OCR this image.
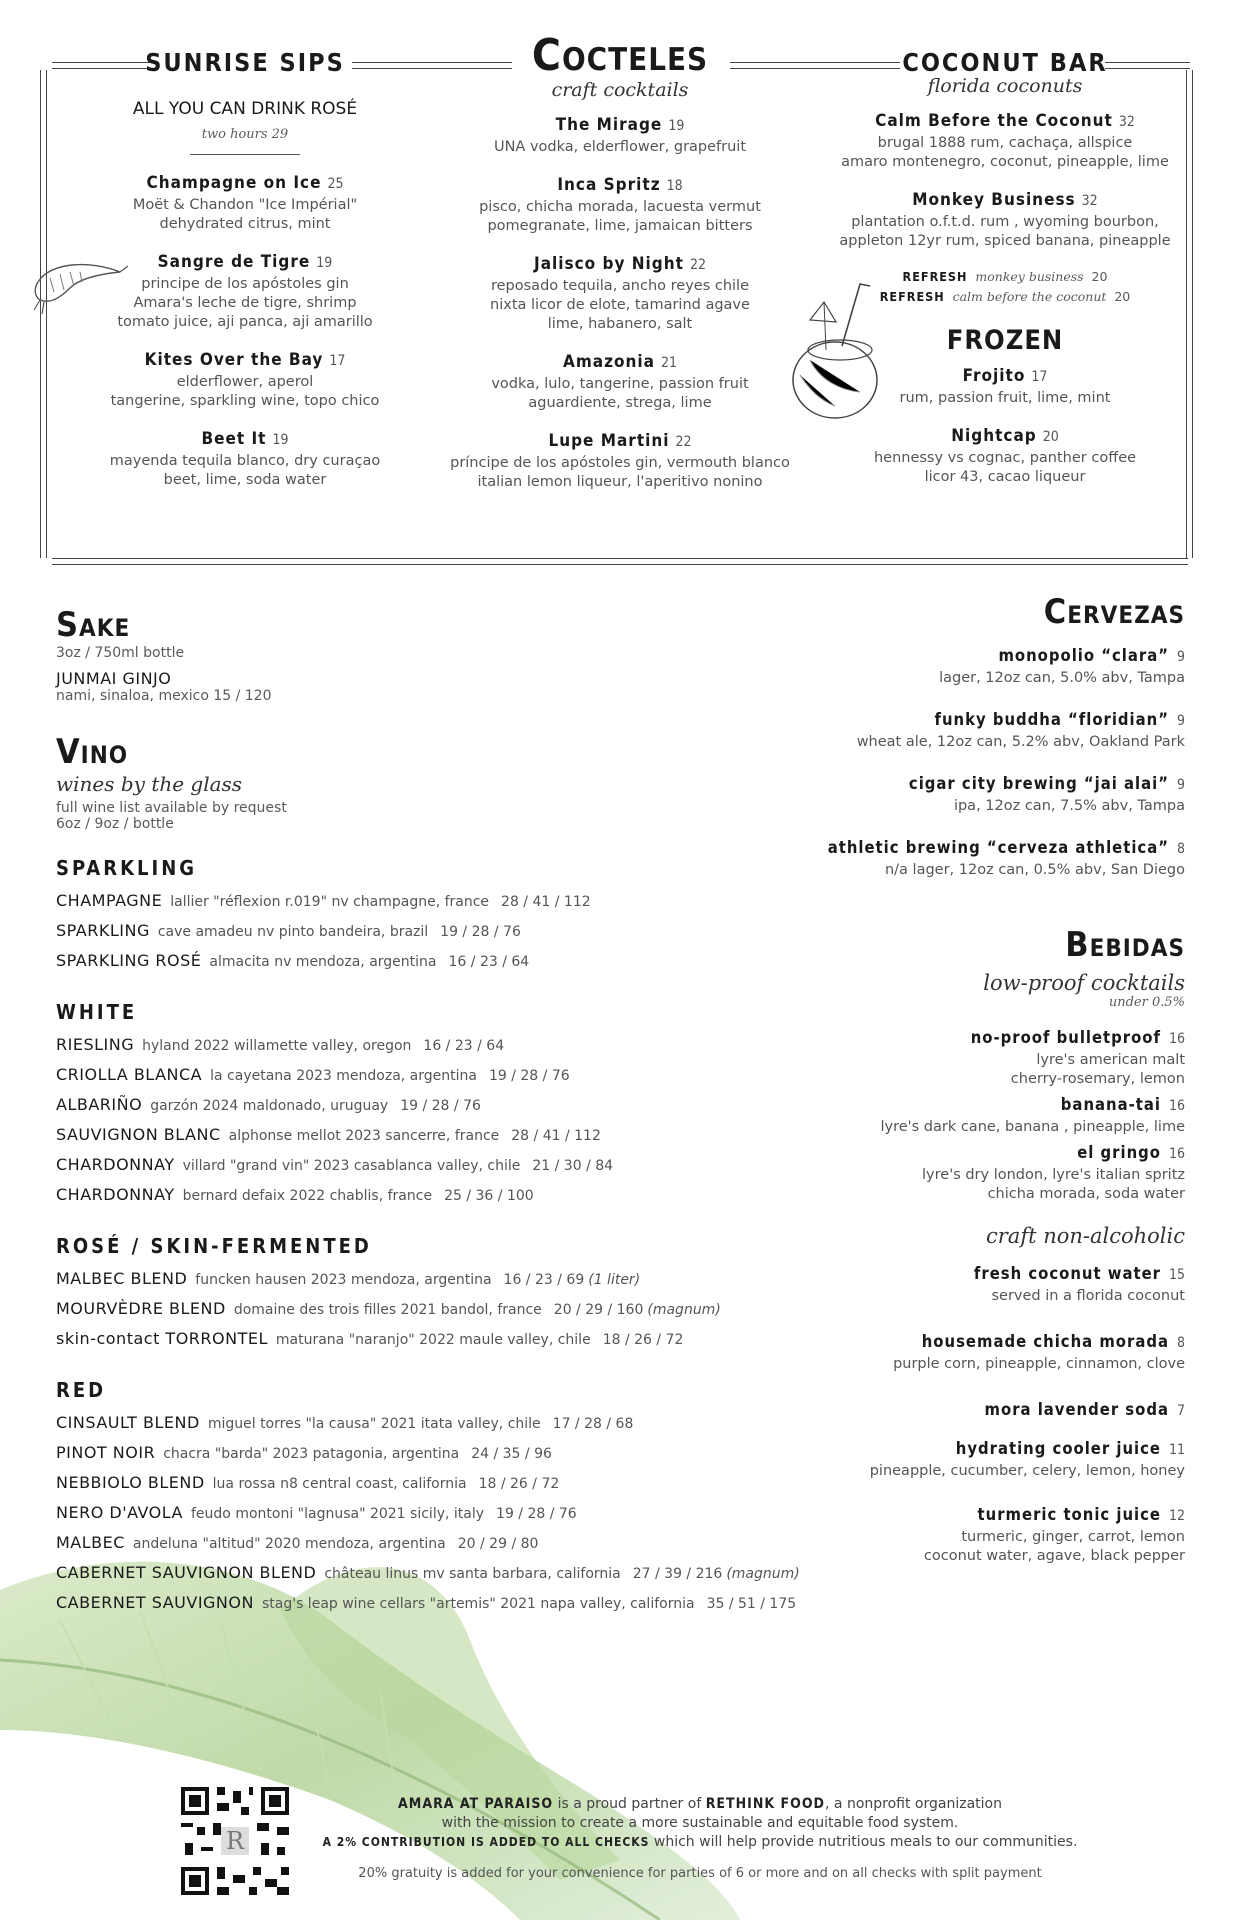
SUNRISE SIPS
ALL YOU CAN DRINK ROSÉ
two hours 29
Champagne on Ice 25
Moët & Chandon "Ice Impérial"
dehydrated citrus, mint
Sangre de Tigre 19
principe de los apóstoles gin
Amara's leche de tigre, shrimp
tomato juice, aji panca, aji amarillo
Kites Over the Bay 17
elderflower, aperol
tangerine, sparkling wine, topo chico
Beet It 19
mayenda tequila blanco, dry curaçao
beet, lime, soda water
Cocteles
craft cocktails
The Mirage 19
UNA vodka, elderflower, grapefruit
Inca Spritz 18
pisco, chicha morada, lacuesta vermut
pomegranate, lime, jamaican bitters
Jalisco by Night 22
reposado tequila, ancho reyes chile
nixta licor de elote, tamarind agave
lime, habanero, salt
Amazonia 21
vodka, lulo, tangerine, passion fruit
aguardiente, strega, lime
Lupe Martini 22
príncipe de los apóstoles gin, vermouth blanco
italian lemon liqueur, l'aperitivo nonino
COCONUT BAR
florida coconuts
Calm Before the Coconut 32
brugal 1888 rum, cachaça, allspice
amaro montenegro, coconut, pineapple, lime
Monkey Business 32
plantation o.f.t.d. rum , wyoming bourbon,
appleton 12yr rum, spiced banana, pineapple
REFRESH monkey business 20
REFRESH calm before the coconut 20
FROZEN
Frojito 17
rum, passion fruit, lime, mint
Nightcap 20
hennessy vs cognac, panther coffee
licor 43, cacao liqueur
Sake
3oz / 750ml bottle
JUNMAI GINJO
nami, sinaloa, mexico 15 / 120
Vino
wines by the glass
full wine list available by request
6oz / 9oz / bottle
SPARKLING
CHAMPAGNE lallier "réflexion r.019" nv champagne, france 28 / 41 / 112
SPARKLING cave amadeu nv pinto bandeira, brazil 19 / 28 / 76
SPARKLING ROSÉ almacita nv mendoza, argentina 16 / 23 / 64
WHITE
RIESLING hyland 2022 willamette valley, oregon 16 / 23 / 64
CRIOLLA BLANCA la cayetana 2023 mendoza, argentina 19 / 28 / 76
ALBARIÑO garzón 2024 maldonado, uruguay 19 / 28 / 76
SAUVIGNON BLANC alphonse mellot 2023 sancerre, france 28 / 41 / 112
CHARDONNAY villard "grand vin" 2023 casablanca valley, chile 21 / 30 / 84
CHARDONNAY bernard defaix 2022 chablis, france 25 / 36 / 100
ROSÉ / SKIN-FERMENTED
MALBEC BLEND funcken hausen 2023 mendoza, argentina 16 / 23 / 69 (1 liter)
MOURVÈDRE BLEND domaine des trois filles 2021 bandol, france 20 / 29 / 160 (magnum)
skin-contact TORRONTEL maturana "naranjo" 2022 maule valley, chile 18 / 26 / 72
RED
CINSAULT BLEND miguel torres "la causa" 2021 itata valley, chile 17 / 28 / 68
PINOT NOIR chacra "barda" 2023 patagonia, argentina 24 / 35 / 96
NEBBIOLO BLEND lua rossa n8 central coast, california 18 / 26 / 72
NERO D'AVOLA feudo montoni "lagnusa" 2021 sicily, italy 19 / 28 / 76
MALBEC andeluna "altitud" 2020 mendoza, argentina 20 / 29 / 80
CABERNET SAUVIGNON BLEND château linus mv santa barbara, california 27 / 39 / 216 (magnum)
CABERNET SAUVIGNON stag's leap wine cellars "artemis" 2021 napa valley, california 35 / 51 / 175
Cervezas
monopolio “clara” 9
lager, 12oz can, 5.0% abv, Tampa
funky buddha “floridian” 9
wheat ale, 12oz can, 5.2% abv, Oakland Park
cigar city brewing “jai alai” 9
ipa, 12oz can, 7.5% abv, Tampa
athletic brewing “cerveza athletica” 8
n/a lager, 12oz can, 0.5% abv, San Diego
Bebidas
low-proof cocktails
under 0.5%
no-proof bulletproof 16
lyre's american malt
cherry-rosemary, lemon
banana-tai 16
lyre's dark cane, banana , pineapple, lime
el gringo 16
lyre's dry london, lyre's italian spritz
chicha morada, soda water
craft non-alcoholic
fresh coconut water 15
served in a florida coconut
housemade chicha morada 8
purple corn, pineapple, cinnamon, clove
mora lavender soda 7
hydrating cooler juice 11
pineapple, cucumber, celery, lemon, honey
turmeric tonic juice 12
turmeric, ginger, carrot, lemon
coconut water, agave, black pepper
R
AMARA AT PARAISO is a proud partner of RETHINK FOOD, a nonprofit organization
with the mission to create a more sustainable and equitable food system.
A 2% CONTRIBUTION IS ADDED TO ALL CHECKS which will help provide nutritious meals to our communities.
20% gratuity is added for your convenience for parties of 6 or more and on all checks with split payment
